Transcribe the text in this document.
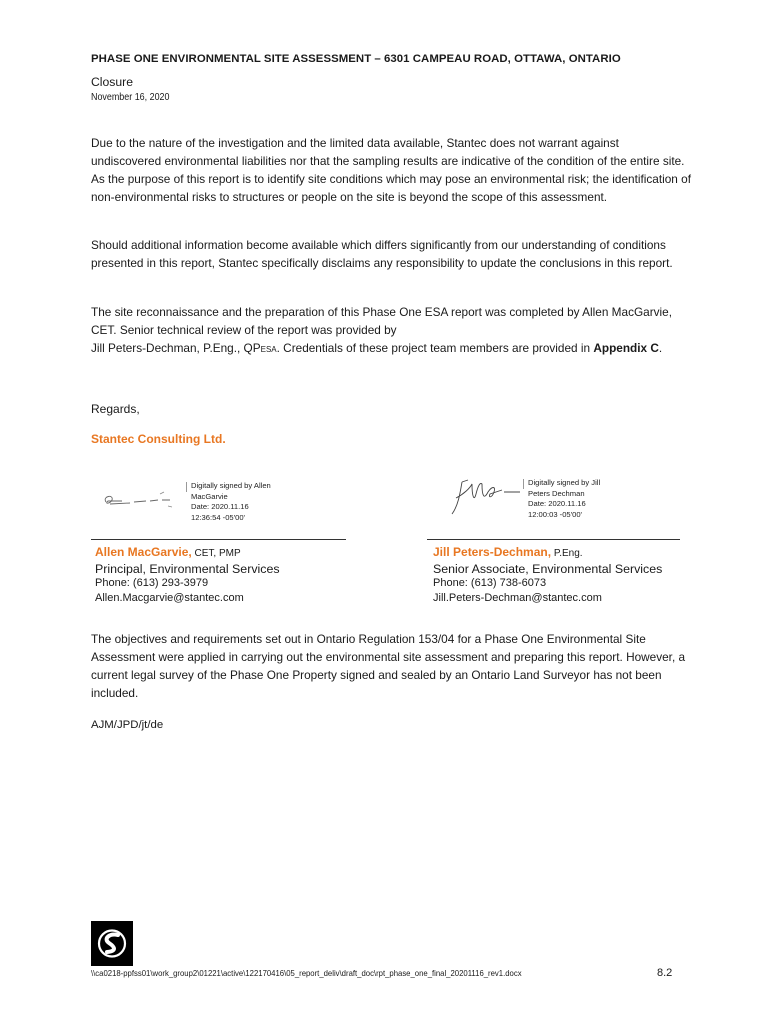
PHASE ONE ENVIRONMENTAL SITE ASSESSMENT – 6301 CAMPEAU ROAD, OTTAWA, ONTARIO
Closure
November 16, 2020
Due to the nature of the investigation and the limited data available, Stantec does not warrant against undiscovered environmental liabilities nor that the sampling results are indicative of the condition of the entire site. As the purpose of this report is to identify site conditions which may pose an environmental risk; the identification of non-environmental risks to structures or people on the site is beyond the scope of this assessment.
Should additional information become available which differs significantly from our understanding of conditions presented in this report, Stantec specifically disclaims any responsibility to update the conclusions in this report.
The site reconnaissance and the preparation of this Phase One ESA report was completed by Allen MacGarvie, CET. Senior technical review of the report was provided by
Jill Peters-Dechman, P.Eng., QPESA. Credentials of these project team members are provided in Appendix C.
Regards,
Stantec Consulting Ltd.
Digitally signed by Allen
MacGarvie
Date: 2020.11.16
12:36:54 -05'00'
Digitally signed by Jill
Peters Dechman
Date: 2020.11.16
12:00:03 -05'00'
Allen MacGarvie, CET, PMP
Principal, Environmental Services
Phone: (613) 293-3979
Allen.Macgarvie@stantec.com
Jill Peters-Dechman, P.Eng.
Senior Associate, Environmental Services
Phone: (613) 738-6073
Jill.Peters-Dechman@stantec.com
The objectives and requirements set out in Ontario Regulation 153/04 for a Phase One Environmental Site Assessment were applied in carrying out the environmental site assessment and preparing this report. However, a current legal survey of the Phase One Property signed and sealed by an Ontario Land Surveyor has not been included.
AJM/JPD/jt/de
\\ca0218-ppfss01\work_group2\01221\active\122170416\05_report_deliv\draft_doc\rpt_phase_one_final_20201116_rev1.docx	8.2
